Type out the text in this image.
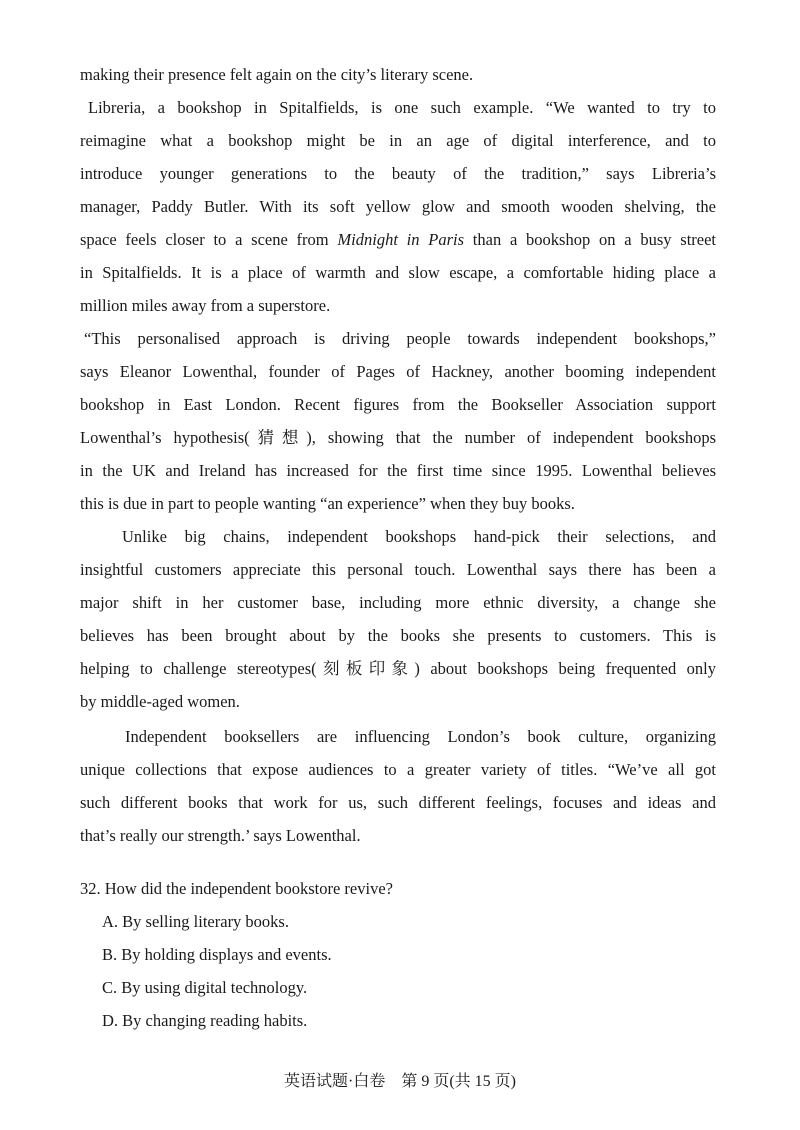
making their presence felt again on the city’s literary scene.
Libreria, a bookshop in Spitalfields, is one such example. “We wanted to try to
reimagine what a bookshop might be in an age of digital interference, and to
introduce younger generations to the beauty of the tradition,” says Libreria’s
manager, Paddy Butler. With its soft yellow glow and smooth wooden shelving, the
space feels closer to a scene from Midnight in Paris than a bookshop on a busy street
in Spitalfields. It is a place of warmth and slow escape, a comfortable hiding place a
million miles away from a superstore.
“This personalised approach is driving people towards independent bookshops,”
says Eleanor Lowenthal, founder of Pages of Hackney, another booming independent
bookshop in East London. Recent figures from the Bookseller Association support
Lowenthal’s hypothesis(猜想), showing that the number of independent bookshops
in the UK and Ireland has increased for the first time since 1995. Lowenthal believes
this is due in part to people wanting “an experience” when they buy books.
Unlike big chains, independent bookshops hand-pick their selections, and
insightful customers appreciate this personal touch. Lowenthal says there has been a
major shift in her customer base, including more ethnic diversity, a change she
believes has been brought about by the books she presents to customers. This is
helping to challenge stereotypes(刻板印象) about bookshops being frequented only
by middle-aged women.
Independent booksellers are influencing London’s book culture, organizing
unique collections that expose audiences to a greater variety of titles. “We’ve all got
such different books that work for us, such different feelings, focuses and ideas and
that’s really our strength.’ says Lowenthal.
32. How did the independent bookstore revive?
A. By selling literary books.
B. By holding displays and events.
C. By using digital technology.
D. By changing reading habits.
英语试题·白卷　第 9 页(共 15 页)
